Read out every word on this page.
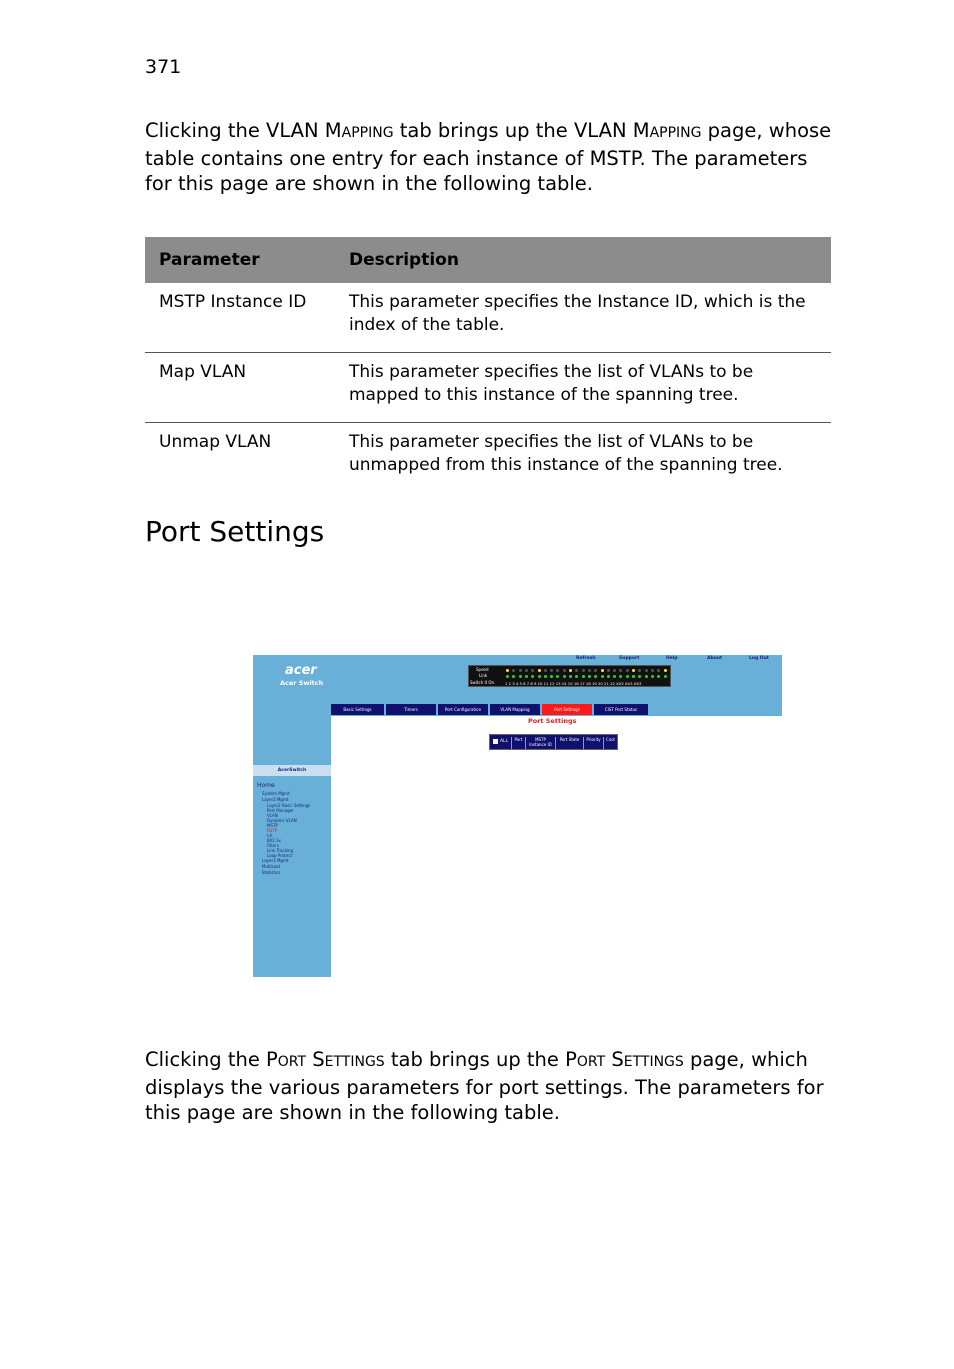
371

Clicking the VLAN MAPPING tab brings up the VLAN MAPPING page, whose table contains one entry for each instance of MSTP. The parameters for this page are shown in the following table.

Parameter	Description
MSTP Instance ID	This parameter specifies the Instance ID, which is the index of the table.
Map VLAN	This parameter specifies the list of VLANs to be mapped to this instance of the spanning tree.
Unmap VLAN	This parameter specifies the list of VLANs to be unmapped from this instance of the spanning tree.
Port Settings
acer
Acer Switch
Refresh	Support	Help	About	Log Out
Speed
Link
Switch 0 On	1 2 3 4 5 6 7 8 9 10 11 12 13 14 15 16 17 18 19 20 21 22 XX3 XX3 XX3
AcerSwitch
Home
System Mgmt
Layer2 Mgmt
Layer2 Basic Settings
Port Manager
VLAN
Dynamic VLAN
MSTP
RSTP
LA
802.1x
Filters
Link Tracking
Loop Protect
Layer3 Mgmt
Multicast
Statistics
Basic Settings	Timers	Port Configuration	VLAN Mapping	Port Settings	CIST Port Status
Port Settings
ALL	Port	MSTP Instance ID
Port State	Priority	Cost

Clicking the PORT SETTINGS tab brings up the PORT SETTINGS page, which displays the various parameters for port settings. The parameters for this page are shown in the following table.
